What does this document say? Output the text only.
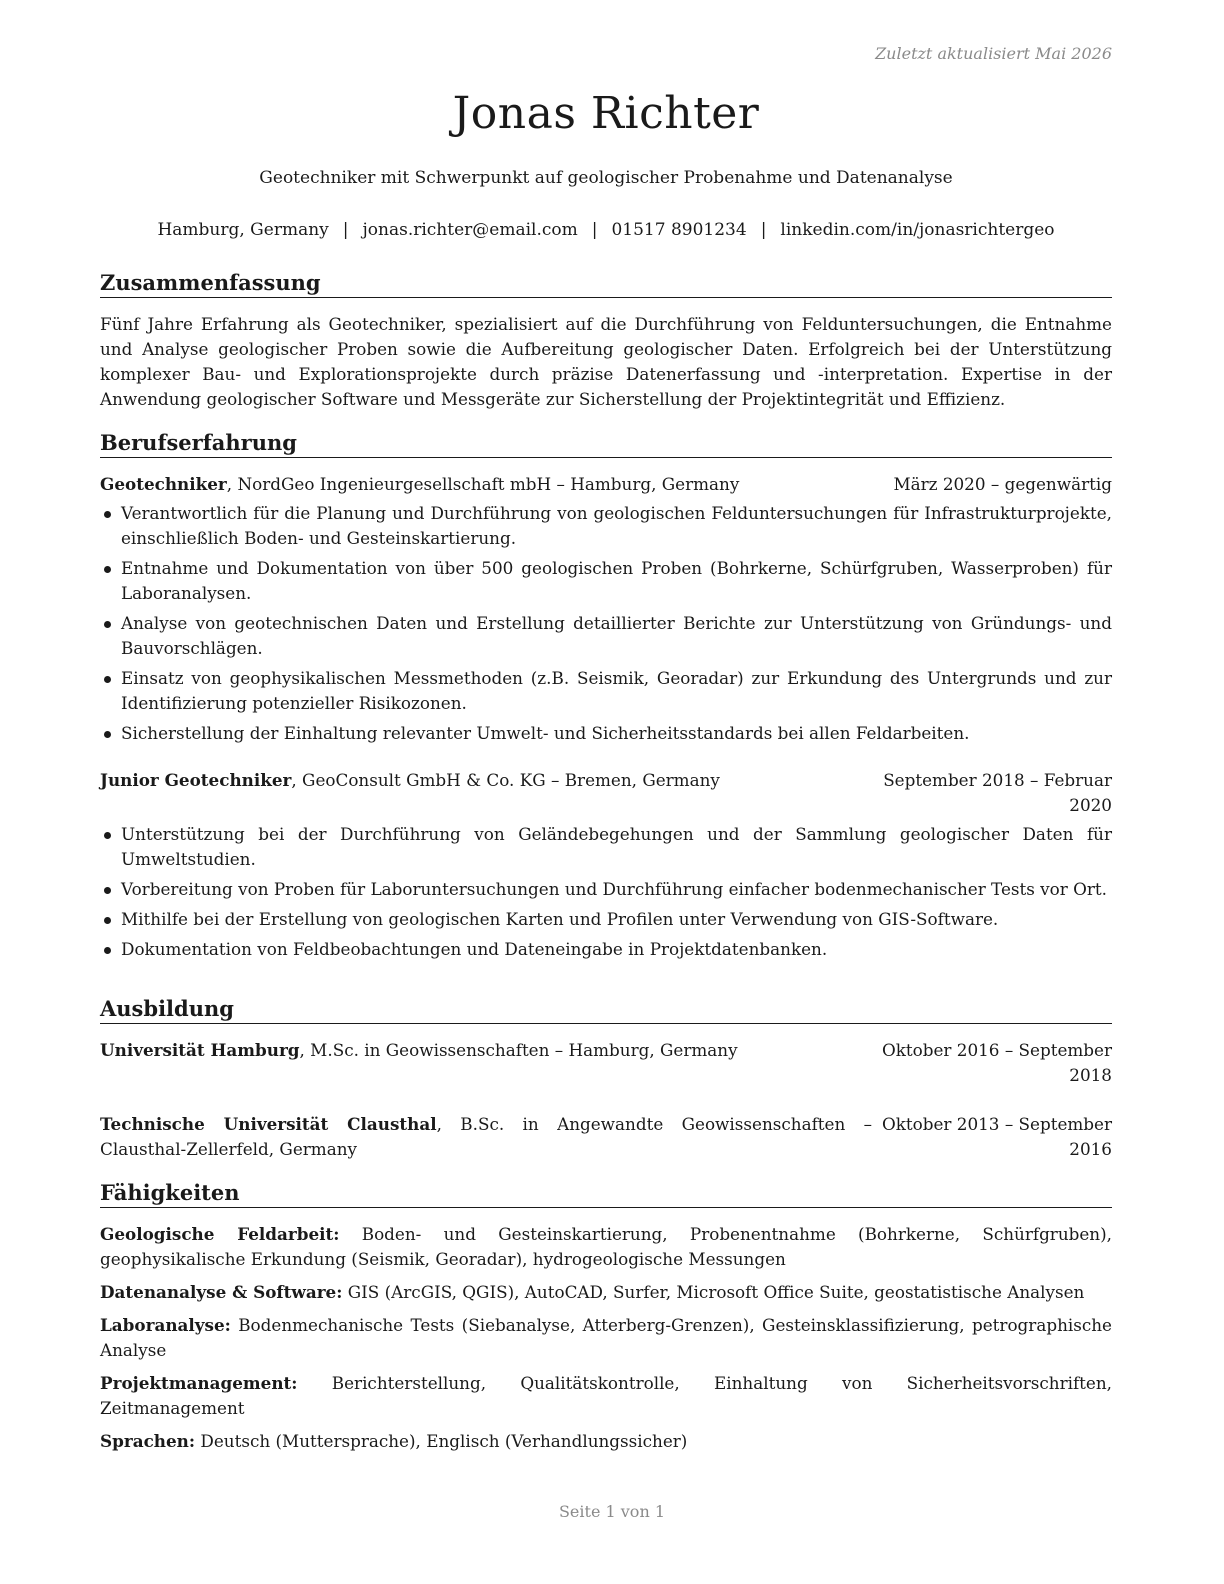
Zuletzt aktualisiert Mai 2026
Jonas Richter
Geotechniker mit Schwerpunkt auf geologischer Probenahme und Datenanalyse
Hamburg, Germany | jonas.richter@email.com | 01517 8901234 | linkedin.com/in/jonasrichtergeo
Zusammenfassung

Fünf Jahre Erfahrung als Geotechniker, spezialisiert auf die Durchführung von Felduntersuchungen, die Entnahme und Analyse geologischer Proben sowie die Aufbereitung geologischer Daten. Erfolgreich bei der Unterstützung komplexer Bau- und Explorationsprojekte durch präzise Datenerfassung und -interpretation. Expertise in der Anwendung geologischer Software und Messgeräte zur Sicherstellung der Projektintegrität und Effizienz.

Berufserfahrung
Geotechniker, NordGeo Ingenieurgesellschaft mbH – Hamburg, Germany	März 2020 – gegenwärtig
Verantwortlich für die Planung und Durchführung von geologischen Felduntersuchungen für Infrastrukturprojekte, einschließlich Boden- und Gesteinskartierung.
Entnahme und Dokumentation von über 500 geologischen Proben (Bohrkerne, Schürfgruben, Wasserproben) für Laboranalysen.
Analyse von geotechnischen Daten und Erstellung detaillierter Berichte zur Unterstützung von Gründungs- und Bauvorschlägen.
Einsatz von geophysikalischen Messmethoden (z.B. Seismik, Georadar) zur Erkundung des Untergrunds und zur Identifizierung potenzieller Risikozonen.
Sicherstellung der Einhaltung relevanter Umwelt- und Sicherheitsstandards bei allen Feldarbeiten.
Junior Geotechniker, GeoConsult GmbH & Co. KG – Bremen, Germany	September 2018 – Februar 2020
Unterstützung bei der Durchführung von Geländebegehungen und der Sammlung geologischer Daten für Umweltstudien.
Vorbereitung von Proben für Laboruntersuchungen und Durchführung einfacher bodenmechanischer Tests vor Ort.
Mithilfe bei der Erstellung von geologischen Karten und Profilen unter Verwendung von GIS-Software.
Dokumentation von Feldbeobachtungen und Dateneingabe in Projektdatenbanken.
Ausbildung
Universität Hamburg, M.Sc. in Geowissenschaften – Hamburg, Germany	Oktober 2016 – September 2018
Technische Universität Clausthal, B.Sc. in Angewandte Geowissenschaften – Clausthal-Zellerfeld, Germany
Oktober 2013 – September 2016
Fähigkeiten
Geologische Feldarbeit: Boden- und Gesteinskartierung, Probenentnahme (Bohrkerne, Schürfgruben), geophysikalische Erkundung (Seismik, Georadar), hydrogeologische Messungen
Datenanalyse & Software: GIS (ArcGIS, QGIS), AutoCAD, Surfer, Microsoft Office Suite, geostatistische Analysen
Laboranalyse: Bodenmechanische Tests (Siebanalyse, Atterberg-Grenzen), Gesteinsklassifizierung, petrographische Analyse
Projektmanagement: Berichterstellung, Qualitätskontrolle, Einhaltung von Sicherheitsvorschriften, Zeitmanagement
Sprachen: Deutsch (Muttersprache), Englisch (Verhandlungssicher)
Seite 1 von 1
